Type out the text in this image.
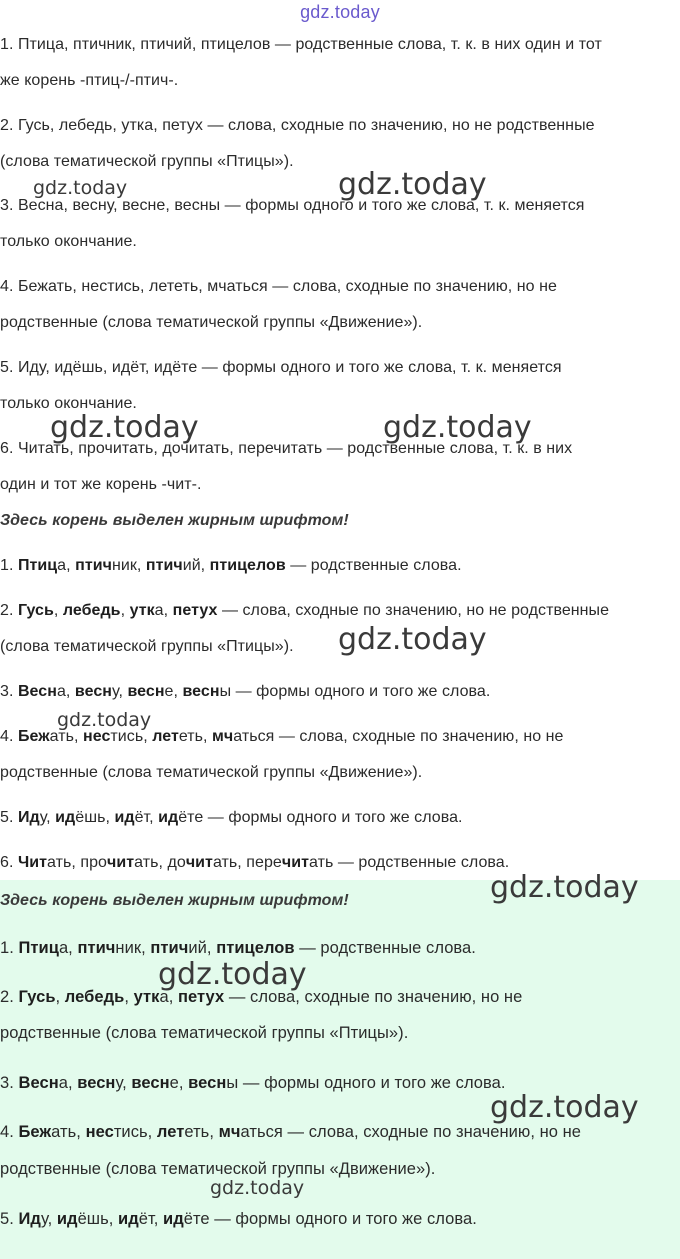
gdz.today
1. Птица, птичник, птичий, птицелов — родственные слова, т. к. в них один и тот
же корень -птиц-/-птич-.
2. Гусь, лебедь, утка, петух — слова, сходные по значению, но не родственные
(слова тематической группы «Птицы»).
3. Весна, весну, весне, весны — формы одного и того же слова, т. к. меняется
только окончание.
4. Бежать, нестись, лететь, мчаться — слова, сходные по значению, но не
родственные (слова тематической группы «Движение»).
5. Иду, идёшь, идёт, идёте — формы одного и того же слова, т. к. меняется
только окончание.
6. Читать, прочитать, дочитать, перечитать — родственные слова, т. к. в них
один и тот же корень -чит-.
Здесь корень выделен жирным шрифтом!
Здесь корень выделен жирным шрифтом!
1. Птица, птичник, птичий, птицелов — родственные слова.
2. Гусь, лебедь, утка, петух — слова, сходные по значению, но не родственные
(слова тематической группы «Птицы»).
3. Весна, весну, весне, весны — формы одного и того же слова.
4. Бежать, нестись, лететь, мчаться — слова, сходные по значению, но не
родственные (слова тематической группы «Движение»).
5. Иду, идёшь, идёт, идёте — формы одного и того же слова.
6. Читать, прочитать, дочитать, перечитать — родственные слова.
1. Птица, птичник, птичий, птицелов — родственные слова.
2. Гусь, лебедь, утка, петух — слова, сходные по значению, но не
родственные (слова тематической группы «Птицы»).
3. Весна, весну, весне, весны — формы одного и того же слова.
4. Бежать, нестись, лететь, мчаться — слова, сходные по значению, но не
родственные (слова тематической группы «Движение»).
5. Иду, идёшь, идёт, идёте — формы одного и того же слова.
gdz.today	gdz.today
gdz.today	gdz.today
gdz.today
gdz.today
gdz.today
gdz.today
gdz.today
gdz.today
